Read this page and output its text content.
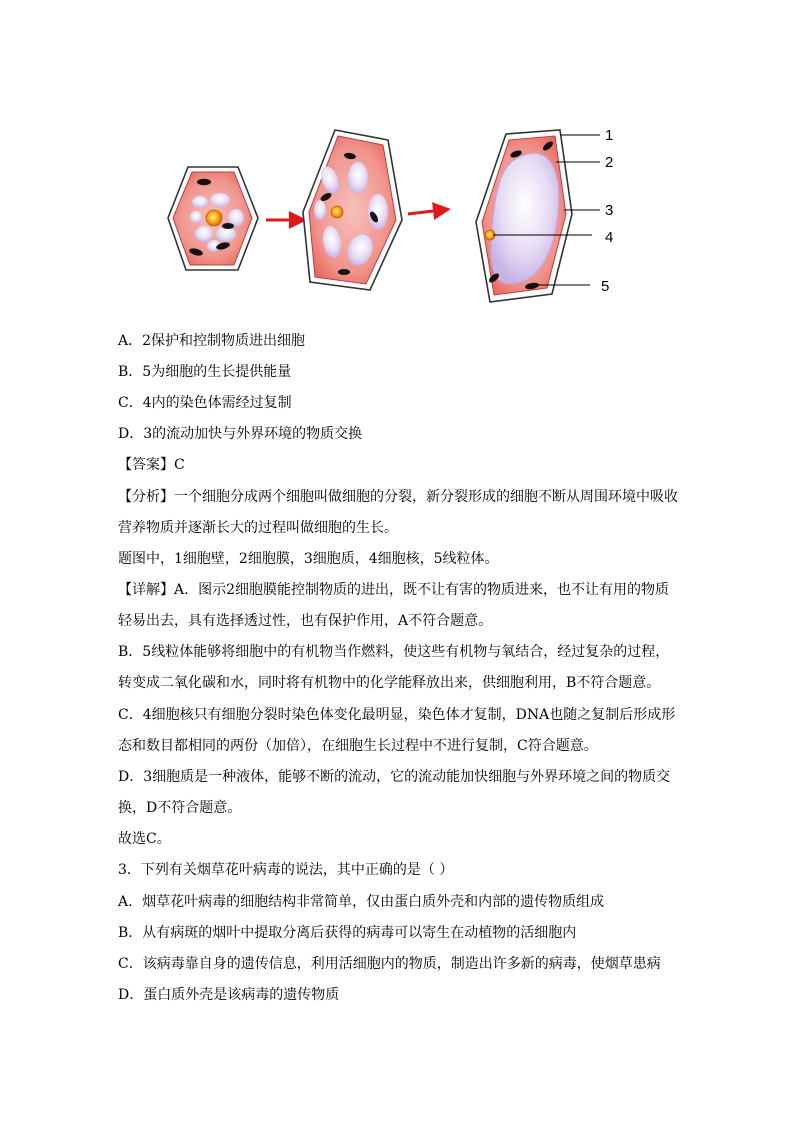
1
2
3
4
5
A．2保护和控制物质进出细胞
B．5为细胞的生长提供能量
C．4内的染色体需经过复制
D．3的流动加快与外界环境的物质交换
【答案】C
【分析】一个细胞分成两个细胞叫做细胞的分裂，新分裂形成的细胞不断从周围环境中吸收
营养物质并逐渐长大的过程叫做细胞的生长。
题图中，1细胞壁，2细胞膜，3细胞质，4细胞核，5线粒体。
【详解】A．图示2细胞膜能控制物质的进出，既不让有害的物质进来，也不让有用的物质
轻易出去，具有选择透过性，也有保护作用，A不符合题意。
B．5线粒体能够将细胞中的有机物当作燃料，使这些有机物与氧结合，经过复杂的过程，
转变成二氧化碳和水，同时将有机物中的化学能释放出来，供细胞利用，B不符合题意。
C．4细胞核只有细胞分裂时染色体变化最明显，染色体才复制，DNA也随之复制后形成形
态和数目都相同的两份（加倍），在细胞生长过程中不进行复制，C符合题意。
D．3细胞质是一种液体，能够不断的流动，它的流动能加快细胞与外界环境之间的物质交
换，D不符合题意。
故选C。
3．下列有关烟草花叶病毒的说法，其中正确的是（ ）
A．烟草花叶病毒的细胞结构非常简单，仅由蛋白质外壳和内部的遗传物质组成
B．从有病斑的烟叶中提取分离后获得的病毒可以寄生在动植物的活细胞内
C．该病毒靠自身的遗传信息，利用活细胞内的物质，制造出许多新的病毒，使烟草患病
D．蛋白质外壳是该病毒的遗传物质
